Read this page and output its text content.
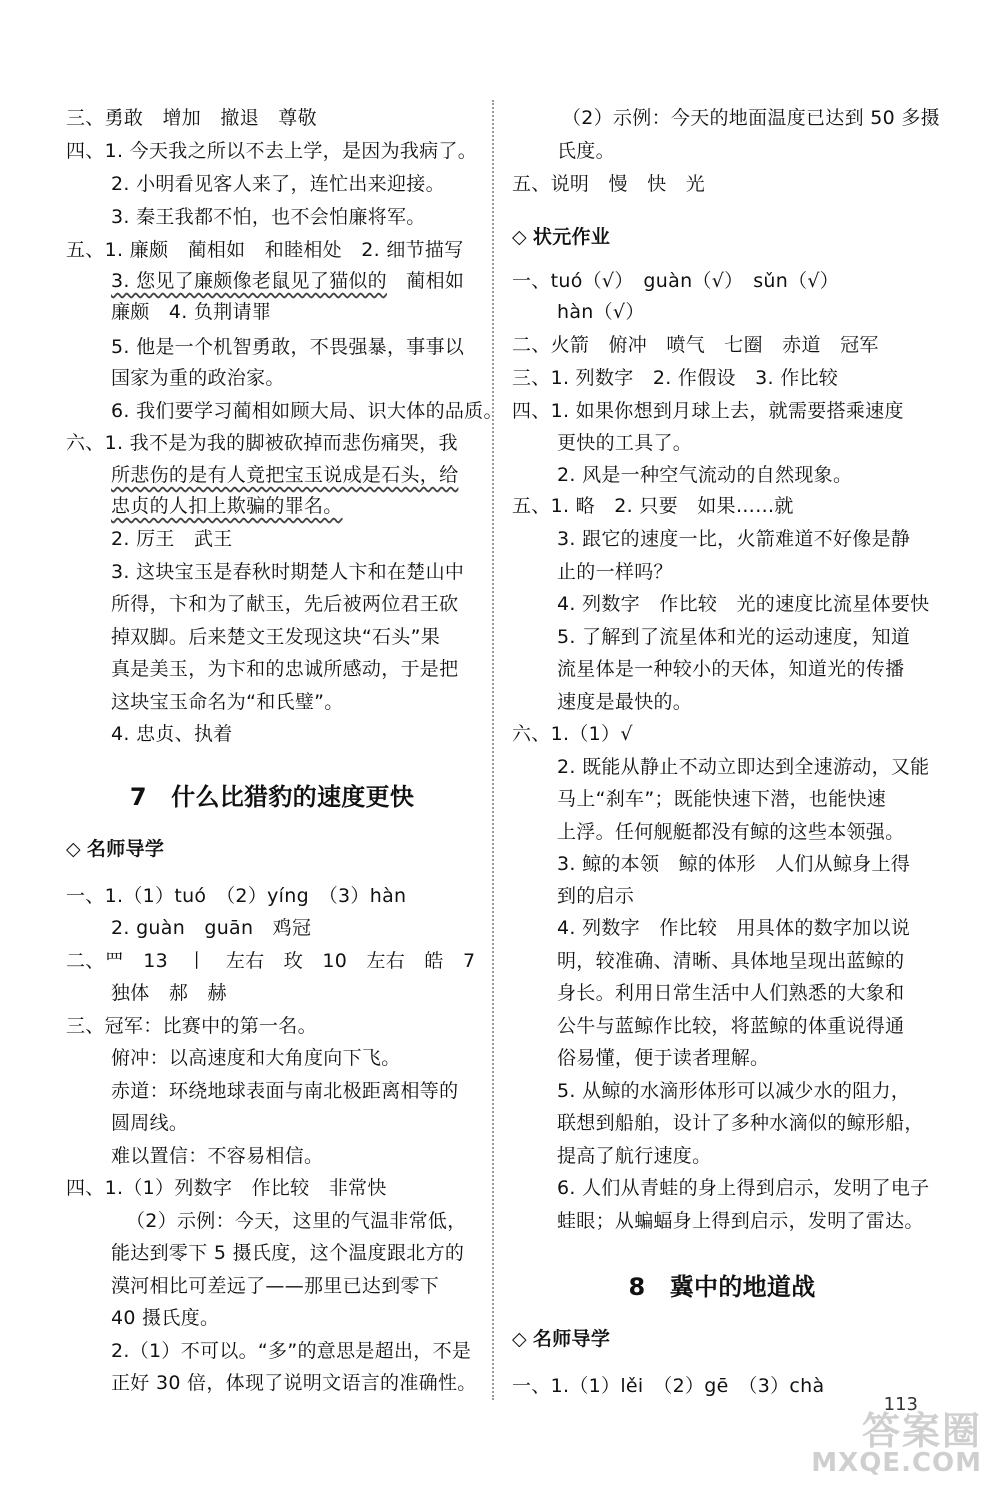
三、勇敢　增加　撤退　尊敬
四、1. 今天我之所以不去上学，是因为我病了。
2. 小明看见客人来了，连忙出来迎接。
3. 秦王我都不怕，也不会怕廉将军。
五、1. 廉颇　蔺相如　和睦相处　2. 细节描写
3. 您见了廉颇像老鼠见了猫似的　 蔺相如
廉颇　4. 负荆请罪
5. 他是一个机智勇敢，不畏强暴，事事以
国家为重的政治家。
6. 我们要学习蔺相如顾大局、识大体的品质。
六、1. 我不是为我的脚被砍掉而悲伤痛哭，我
所悲伤的是有人竟把宝玉说成是石头，给
忠贞的人扣上欺骗的罪名。
2. 厉王　武王
3. 这块宝玉是春秋时期楚人卞和在楚山中
所得，卞和为了献玉，先后被两位君王砍
掉双脚。后来楚文王发现这块“石头”果
真是美玉，为卞和的忠诚所感动，于是把
这块宝玉命名为“和氏璧”。
4. 忠贞、执着
7　什么比猎豹的速度更快
◇ 名师导学
一、1.（1）tuó　（2）yíng　（3）hàn
2. guàn　guān　鸡冠
二、罒　13　丨　左右　玫　10　左右　皓　7
独体　郝　赫
三、冠军：比赛中的第一名。
俯冲：以高速度和大角度向下飞。
赤道：环绕地球表面与南北极距离相等的
圆周线。
难以置信：不容易相信。
四、1.（1）列数字　作比较　非常快
（2）示例：今天，这里的气温非常低，
能达到零下 5 摄氏度，这个温度跟北方的
漠河相比可差远了——那里已达到零下
40 摄氏度。
2.（1）不可以。“多”的意思是超出，不是
正好 30 倍，体现了说明文语言的准确性。
（2）示例：今天的地面温度已达到 50 多摄
氏度。
五、说明　慢　快　光
◇ 状元作业
一、tuó（√）　guàn（√）　sǔn（√）
hàn（√）
二、火箭　俯冲　喷气　七圈　赤道　冠军
三、1. 列数字　2. 作假设　3. 作比较
四、1. 如果你想到月球上去，就需要搭乘速度
更快的工具了。
2. 风是一种空气流动的自然现象。
五、1. 略　2. 只要　如果……就
3. 跟它的速度一比，火箭难道不好像是静
止的一样吗？
4. 列数字　作比较　光的速度比流星体要快
5. 了解到了流星体和光的运动速度，知道
流星体是一种较小的天体，知道光的传播
速度是最快的。
六、1.（1）√
2. 既能从静止不动立即达到全速游动，又能
马上“刹车”；既能快速下潜，也能快速
上浮。任何舰艇都没有鲸的这些本领强。
3. 鲸的本领　鲸的体形　人们从鲸身上得
到的启示
4. 列数字　作比较　用具体的数字加以说
明，较准确、清晰、具体地呈现出蓝鲸的
身长。利用日常生活中人们熟悉的大象和
公牛与蓝鲸作比较，将蓝鲸的体重说得通
俗易懂，便于读者理解。
5. 从鲸的水滴形体形可以减少水的阻力，
联想到船舶，设计了多种水滴似的鲸形船，
提高了航行速度。
6. 人们从青蛙的身上得到启示，发明了电子
蛙眼；从蝙蝠身上得到启示，发明了雷达。
8　冀中的地道战
◇ 名师导学
一、1.（1）lěi　（2）gē　（3）chà
113
答案圈
MXQE.COM
